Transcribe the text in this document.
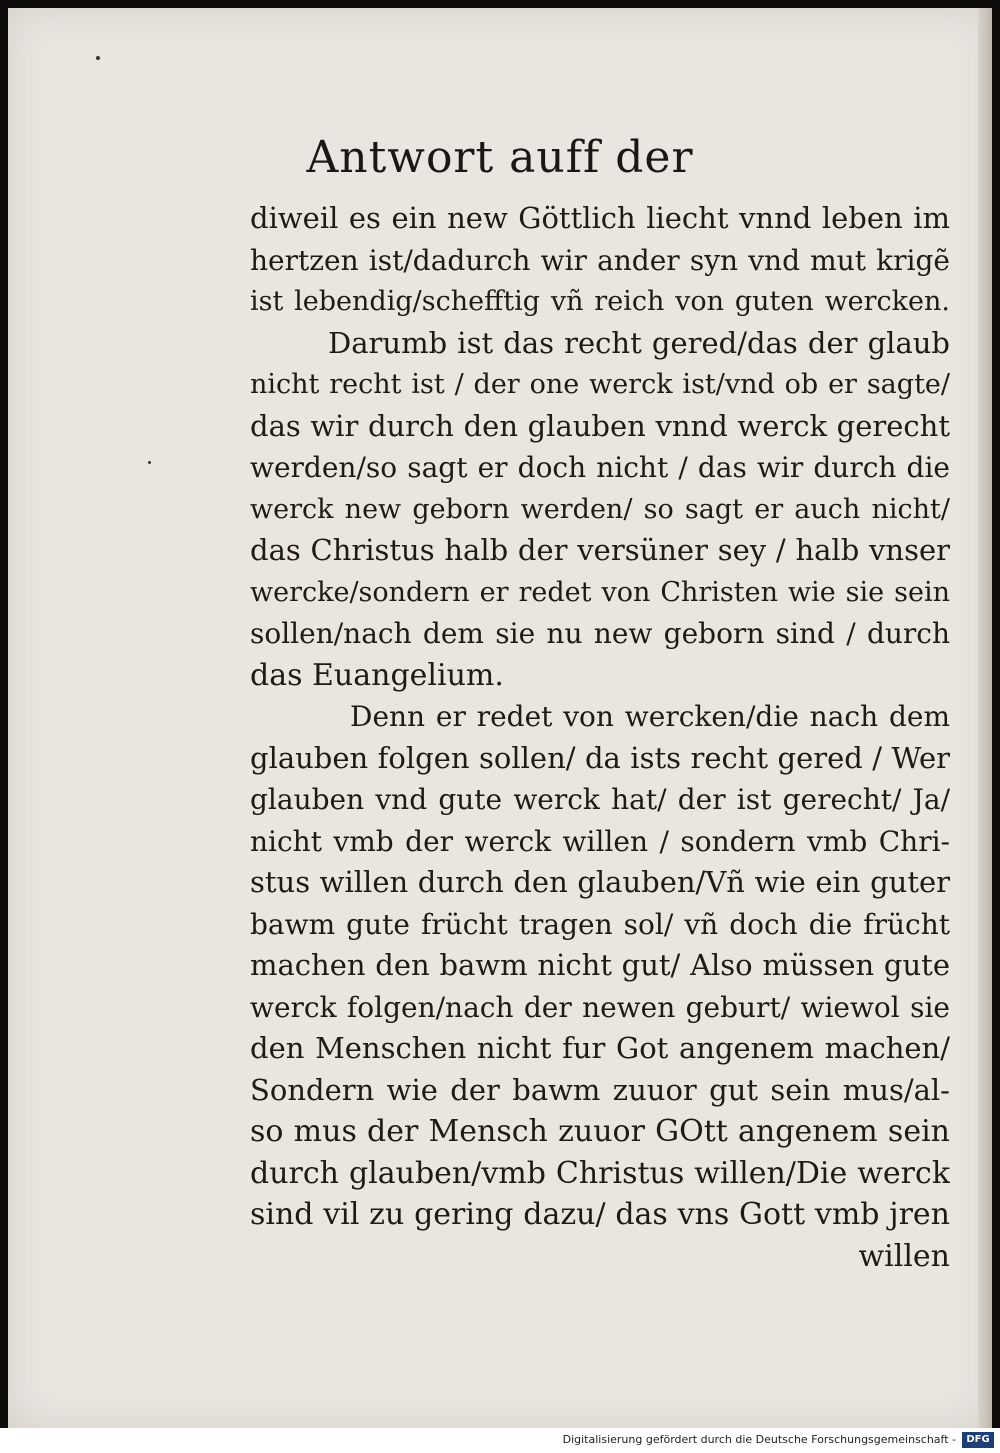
Antwort auff der
diweil es ein new Göttlich liecht vnnd leben im
hertzen ist/dadurch wir ander syn vnd mut krigẽ
ist lebendig/schefftig vñ reich von guten wercken.
Darumb ist das recht gered/das der glaub
nicht recht ist / der one werck ist/vnd ob er sagte/
das wir durch den glauben vnnd werck gerecht
werden/so sagt er doch nicht / das wir durch die
werck new geborn werden/ so sagt er auch nicht/
das Christus halb der versüner sey / halb vnser
wercke/sondern er redet von Christen wie sie sein
sollen/nach dem sie nu new geborn sind / durch
das Euangelium.
Denn er redet von wercken/die nach dem
glauben folgen sollen/ da ists recht gered / Wer
glauben vnd gute werck hat/ der ist gerecht/ Ja/
nicht vmb der werck willen / sondern vmb Chri-
stus willen durch den glauben/Vñ wie ein guter
bawm gute frücht tragen sol/ vñ doch die frücht
machen den bawm nicht gut/ Also müssen gute
werck folgen/nach der newen geburt/ wiewol sie
den Menschen nicht fur Got angenem machen/
Sondern wie der bawm zuuor gut sein mus/al-
so mus der Mensch zuuor GOtt angenem sein
durch glauben/vmb Christus willen/Die werck
sind vil zu gering dazu/ das vns Gott vmb jren
willen
Digitalisierung gefördert durch die Deutsche Forschungsgemeinschaft -	DFG
